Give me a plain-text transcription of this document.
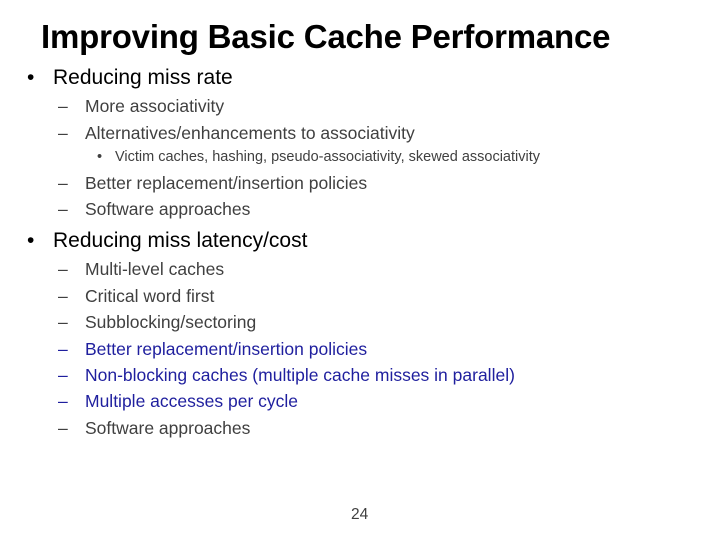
Improving Basic Cache Performance
• Reducing miss rate
– More associativity
– Alternatives/enhancements to associativity
• Victim caches, hashing, pseudo-associativity, skewed associativity
– Better replacement/insertion policies
– Software approaches
• Reducing miss latency/cost
– Multi-level caches
– Critical word first
– Subblocking/sectoring
– Better replacement/insertion policies
– Non-blocking caches (multiple cache misses in parallel)
– Multiple accesses per cycle
– Software approaches
24
